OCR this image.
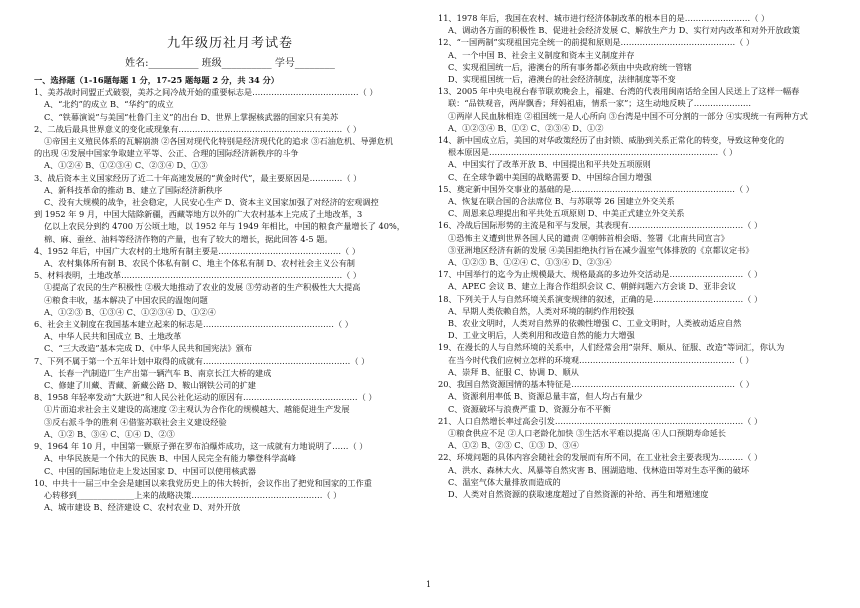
九年级历社月考试卷
姓名:__________ 班级__________ 学号________
一、选择题（1-16题每题 1 分，17-25 题每题 2 分，共 34 分）
1、美苏战时同盟正式破裂，美苏之间冷战开始的重要标志是…………………………………（ ）
A、“北约”的成立 B、“华约”的成立
C、“铁幕演说”与美国“杜鲁门主义”的出台 D、世界上掌握核武器的国家只有美苏
2、二战后最具世界意义的变化或现象有……………………………………………………（ ）
①帝国主义殖民体系的瓦解崩溃 ②各国对现代化特别是经济现代化的追求 ③石油危机、导弹危机
的出现 ④发展中国家争取建立平等、公正、合理的国际经济新秩序的斗争
A、①②④ B、①②③④ C、②③④ D、①③
3、战后资本主义国家经历了近二十年高速发展的“黄金时代”，最主要原因是…………（ ）
A、新科技革命的推动 B、建立了国际经济新秩序
C、没有大规模的战争，社会稳定，人民安心生产 D、资本主义国家加强了对经济的宏观调控
到 1952 年 9 月，中国大陆除新疆，西藏等地方以外的广大农村基本上完成了土地改革，3
亿以上农民分到约 4700 万公顷土地，以 1952 年与 1949 年相比，中国的粮食产量增长了 40%，
棉、麻、蚕丝、油料等经济作物的产量，也有了较大的增长，据此回答 4-5 题。
4、1952 年后，中国广大农村的土地所有制主要是………………………………………（ ）
A、农村集体所有制 B、农民个体私有制 C、地主个体私有制 D、农村社会主义公有制
5、材料表明，土地改革………………………………………………………………………（ ）
①提高了农民的生产积极性 ②极大地推动了农业的发展 ③劳动者的生产积极性大大提高
④粮食丰收，基本解决了中国农民的温饱问题
A、①②③ B、①③④ C、①②③④ D、①②④
6、社会主义制度在我国基本建立起来的标志是…………………………………………（ ）
A、中华人民共和国成立 B、土地改革
C、“三大改造”基本完成 D、《中华人民共和国宪法》颁布
7、下列不属于第一个五年计划中取得的成就有………………………………………………（ ）
A、长春一汽制造厂生产出第一辆汽车 B、南京长江大桥的建成
C、修建了川藏、青藏、新藏公路 D、鞍山钢铁公司的扩建
8、1958 年轻率发动“大跃进”和人民公社化运动的原因有……………………………………（ ）
①片面追求社会主义建设的高速度 ②主观认为合作化的规模越大、越能促进生产发展
③反右派斗争的胜利 ④借鉴苏联社会主义建设经验
A、①② B、③④ C、①④ D、②③
9、1964 年 10 月，中国第一颗原子弹在罗布泊爆炸成功，这一成就有力地说明了……（ ）
A、中华民族是一个伟大的民族 B、中国人民完全有能力攀登科学高峰
C、中国的国际地位走上发达国家 D、中国可以使用核武器
10、中共十一届三中全会是建国以来我党历史上的伟大转折，会议作出了把党和国家的工作重
心转移到______________上来的战略决策…………………………………………（ ）
A、城市建设 B、经济建设 C、农村农业 D、对外开放
11、1978 年后，我国在农村、城市进行经济体制改革的根本目的是……………………（ ）
A、调动各方面的积极性 B、促进社会经济发展 C、解放生产力 D、实行对内改革和对外开放政策
12、“一国两制”实现祖国完全统一的前提和原则是……………………………………（ ）
A、一个中国 B、社会主义制度和资本主义制度并存
C、实现祖国统一后，港澳台的所有事务都必须由中央政府统一管辖
D、实现祖国统一后，港澳台的社会经济制度，法律制度等不变
13、2005 年中央电视台春节联欢晚会上，福建、台湾的代表用闽南话给全国人民送上了这样一幅春
联：“品铁观音，两岸飘香；拜妈祖庙，情系一家”；这生动地反映了…………………
①两岸人民血脉相连 ②祖国统一是人心所向 ③台湾是中国不可分割的一部分 ④实现统一有两种方式
A、①②③④ B、①② C、②③④ D、①②
14、新中国成立后，美国的对华政策经历了由封锁、威胁到关系正常化的转变，导致这种变化的
根本原因是…………………………………………………………………………（ ）
A、中国实行了改革开放 B、中国提出和平共处五项原则
C、在全球争霸中美国的战略需要 D、中国综合国力增强
15、奠定新中国外交事业的基础的是……………………………………………………（ ）
A、恢复在联合国的合法席位 B、与苏联等 26 国建立外交关系
C、周恩来总理提出和平共处五项原则 D、中美正式建立外交关系
16、冷战后国际形势的主流是和平与发展，其表现有……………………………………（ ）
①恐怖主义遭到世界各国人民的谴责 ②朝韩首相会晤、签署《北南共同宣言》
③亚洲地区经济有新的发展 ④美国拒绝执行旨在减少温室气体排放的《京都议定书》
A、①②③ B、①②④ C、①③④ D、②③④
17、中国举行的迄今为止规模最大、规格最高的多边外交活动是………………………（ ）
A、APEC 会议 B、建立上海合作组织会议 C、朝鲜问题六方会谈 D、亚非会议
18、下列关于人与自然环境关系演变规律的叙述，正确的是……………………………（ ）
A、早期人类依赖自然，人类对环境的制约作用较强
B、农业文明时，人类对自然界的依赖性增强 C、工业文明时，人类被动适应自然
D、工业文明后，人类利用和改造自然的能力大增强
19、在漫长的人与自然环境的关系中，人们经常会用“崇拜、顺从、征服、改造”等词汇，你认为
在当今时代我们应树立怎样的环境观…………………………………………………（ ）
A、崇拜 B、征服 C、协调 D、顺从
20、我国自然资源国情的基本特征是……………………………………………………（ ）
A、资源利用率低 B、资源总量丰富，但人均占有量少
C、资源破坏与浪费严重 D、资源分布不平衡
21、人口自然增长率过高会引发……………………………………………………………（ ）
①粮食供应不足 ②人口老龄化加快 ③生活水平难以提高 ④人口预期寿命延长
A、①② B、②③ C、①③ D、③④
22、环境问题的具体内容会随社会的发展而有所不同，在工业社会主要表现为………（ ）
A、洪水、森林大火、风暴等自然灾害 B、围湖造地、伐林造田等对生态平衡的破坏
C、温室气体大量排放而造成的
D、人类对自然资源的获取速度超过了自然资源的补给、再生和增殖速度
1
